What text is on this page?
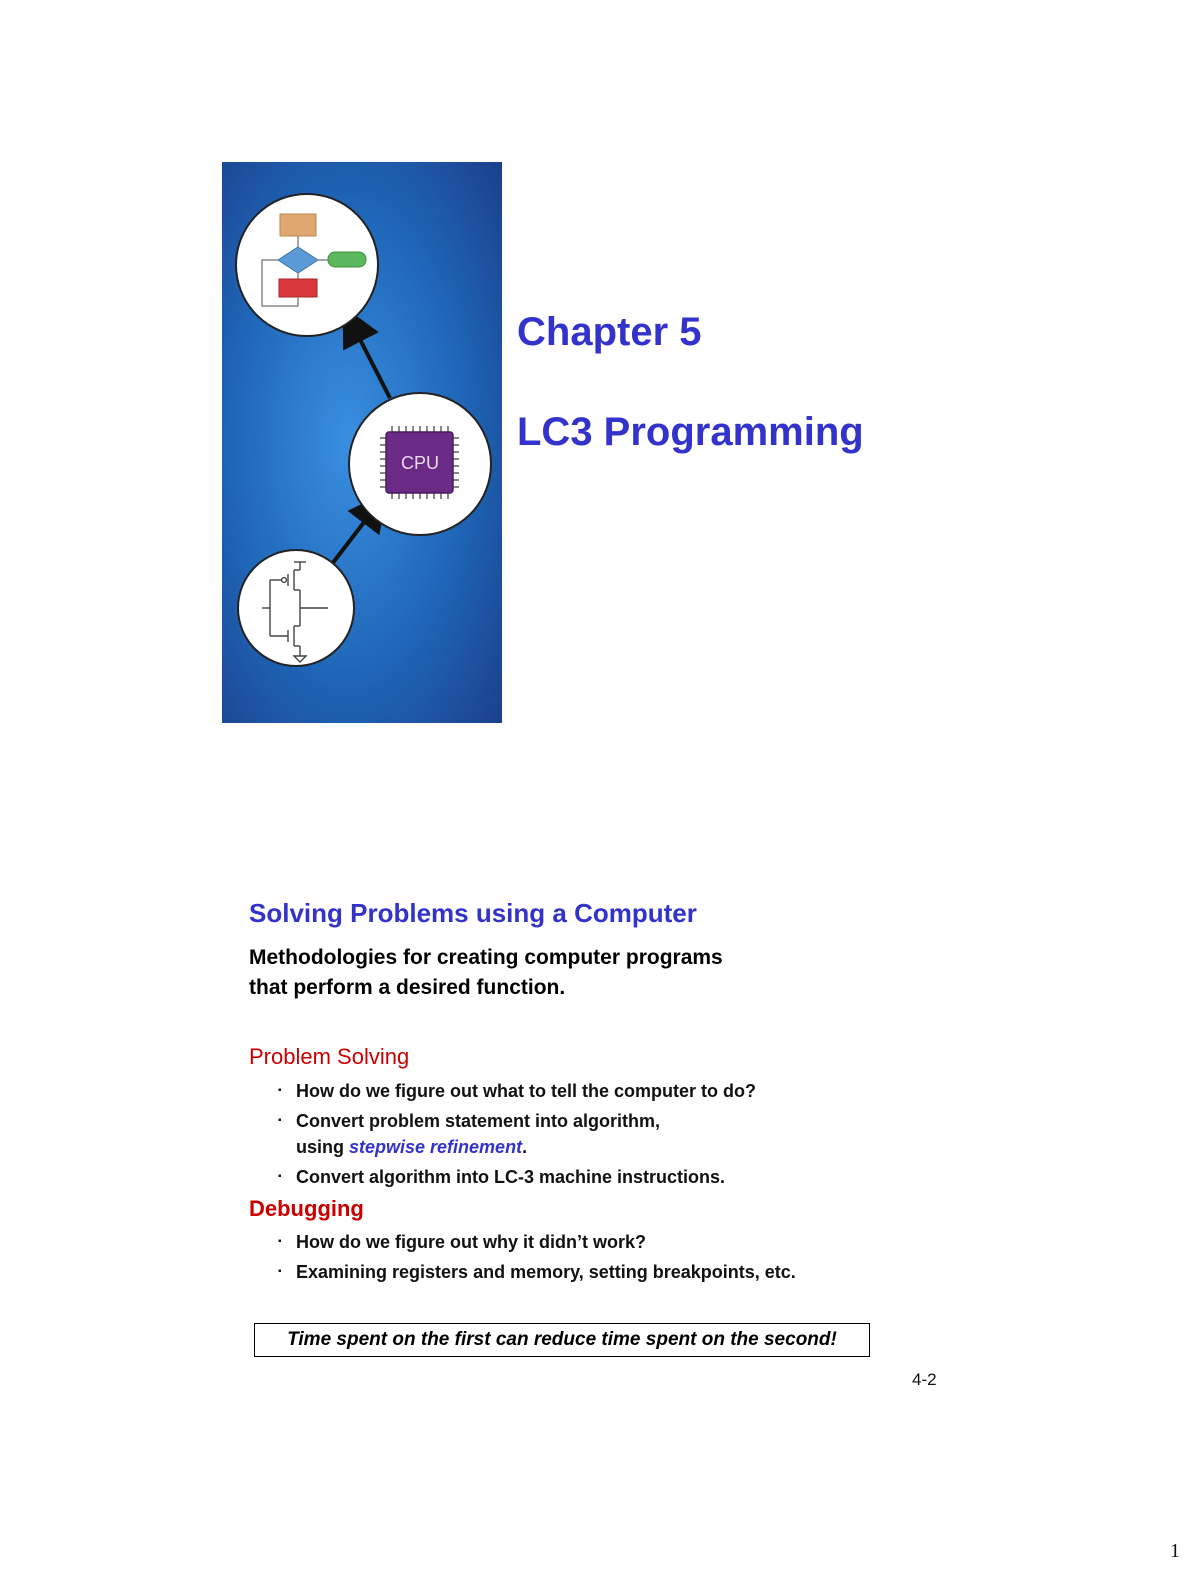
CPU
Chapter 5
LC3 Programming
Solving Problems using a Computer

Methodologies for creating computer programs
that perform a desired function.

Problem Solving
▪ How do we figure out what to tell the computer to do?
▪ Convert problem statement into algorithm,
using stepwise refinement.
▪ Convert algorithm into LC-3 machine instructions.
Debugging
▪ How do we figure out why it didn’t work?
▪ Examining registers and memory, setting breakpoints, etc.
Time spent on the first can reduce time spent on the second!
4-2
1
